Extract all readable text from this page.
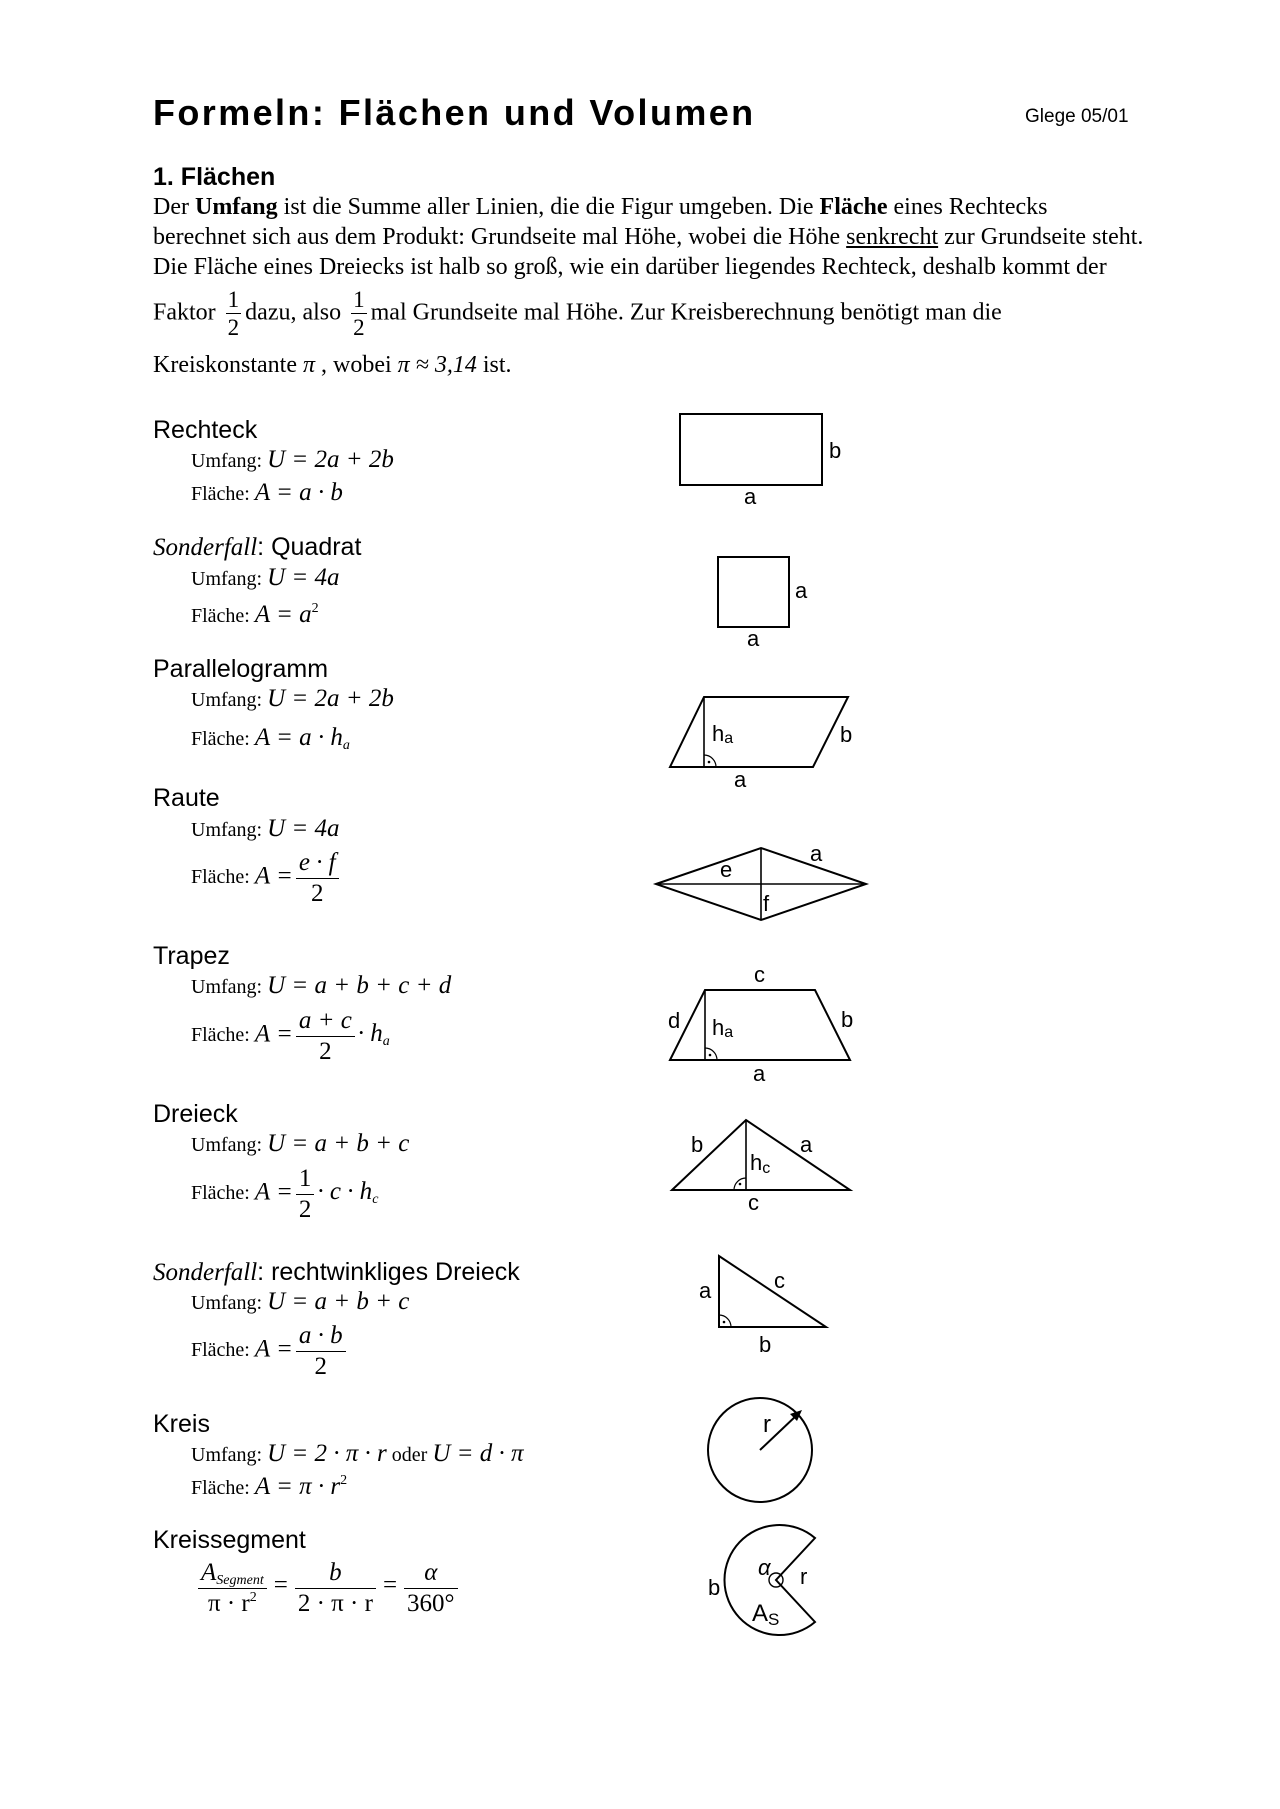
Formeln: Flächen und Volumen	Glege 05/01
1. Flächen
Der Umfang ist die Summe aller Linien, die die Figur umgeben. Die Fläche eines Rechtecks
berechnet sich aus dem Produkt: Grundseite mal Höhe, wobei die Höhe senkrecht zur Grundseite steht.
Die Fläche eines Dreiecks ist halb so groß, wie ein darüber liegendes Rechteck, deshalb kommt der
Faktor $\frac{1}{2}$ dazu, also $\frac{1}{2}$ mal Grundseite mal Höhe. Zur Kreisberechnung benötigt man die
Kreiskonstante π , wobei π ≈ 3,14 ist.
Rechteck
Umfang: U = 2a + 2b
Fläche: A = a · b
Sonderfall: Quadrat
Umfang: U = 4a
Fläche: $A = a^2$
Parallelogramm
Umfang: U = 2a + 2b
Fläche: $A = a \cdot h_a$
Raute
Umfang: U = 4a
Fläche: $A = \frac{e \cdot f}{2}$
Trapez
Umfang: U = a + b + c + d
Fläche: $A = \frac{a + c}{2} \cdot h_a$
Dreieck
Umfang: U = a + b + c
Fläche: $A = \frac{1}{2} \cdot c \cdot h_c$
Sonderfall: rechtwinkliges Dreieck
Umfang: U = a + b + c
Fläche: $A = \frac{a \cdot b}{2}$
Kreis
Umfang: U = 2 · π · r oder U = d · π
Fläche: $A = \pi \cdot r^2$
Kreissegment
$\frac{A_{Segment}}{\pi \cdot r^2} = \frac{b}{2 \cdot \pi \cdot r} = \frac{\alpha}{360^\circ}$
b
a
a
a
ha	b
a
e
f
a
c
d ha
b
a
b	a
hc
c
a	c
b
r
b
α r
AS
